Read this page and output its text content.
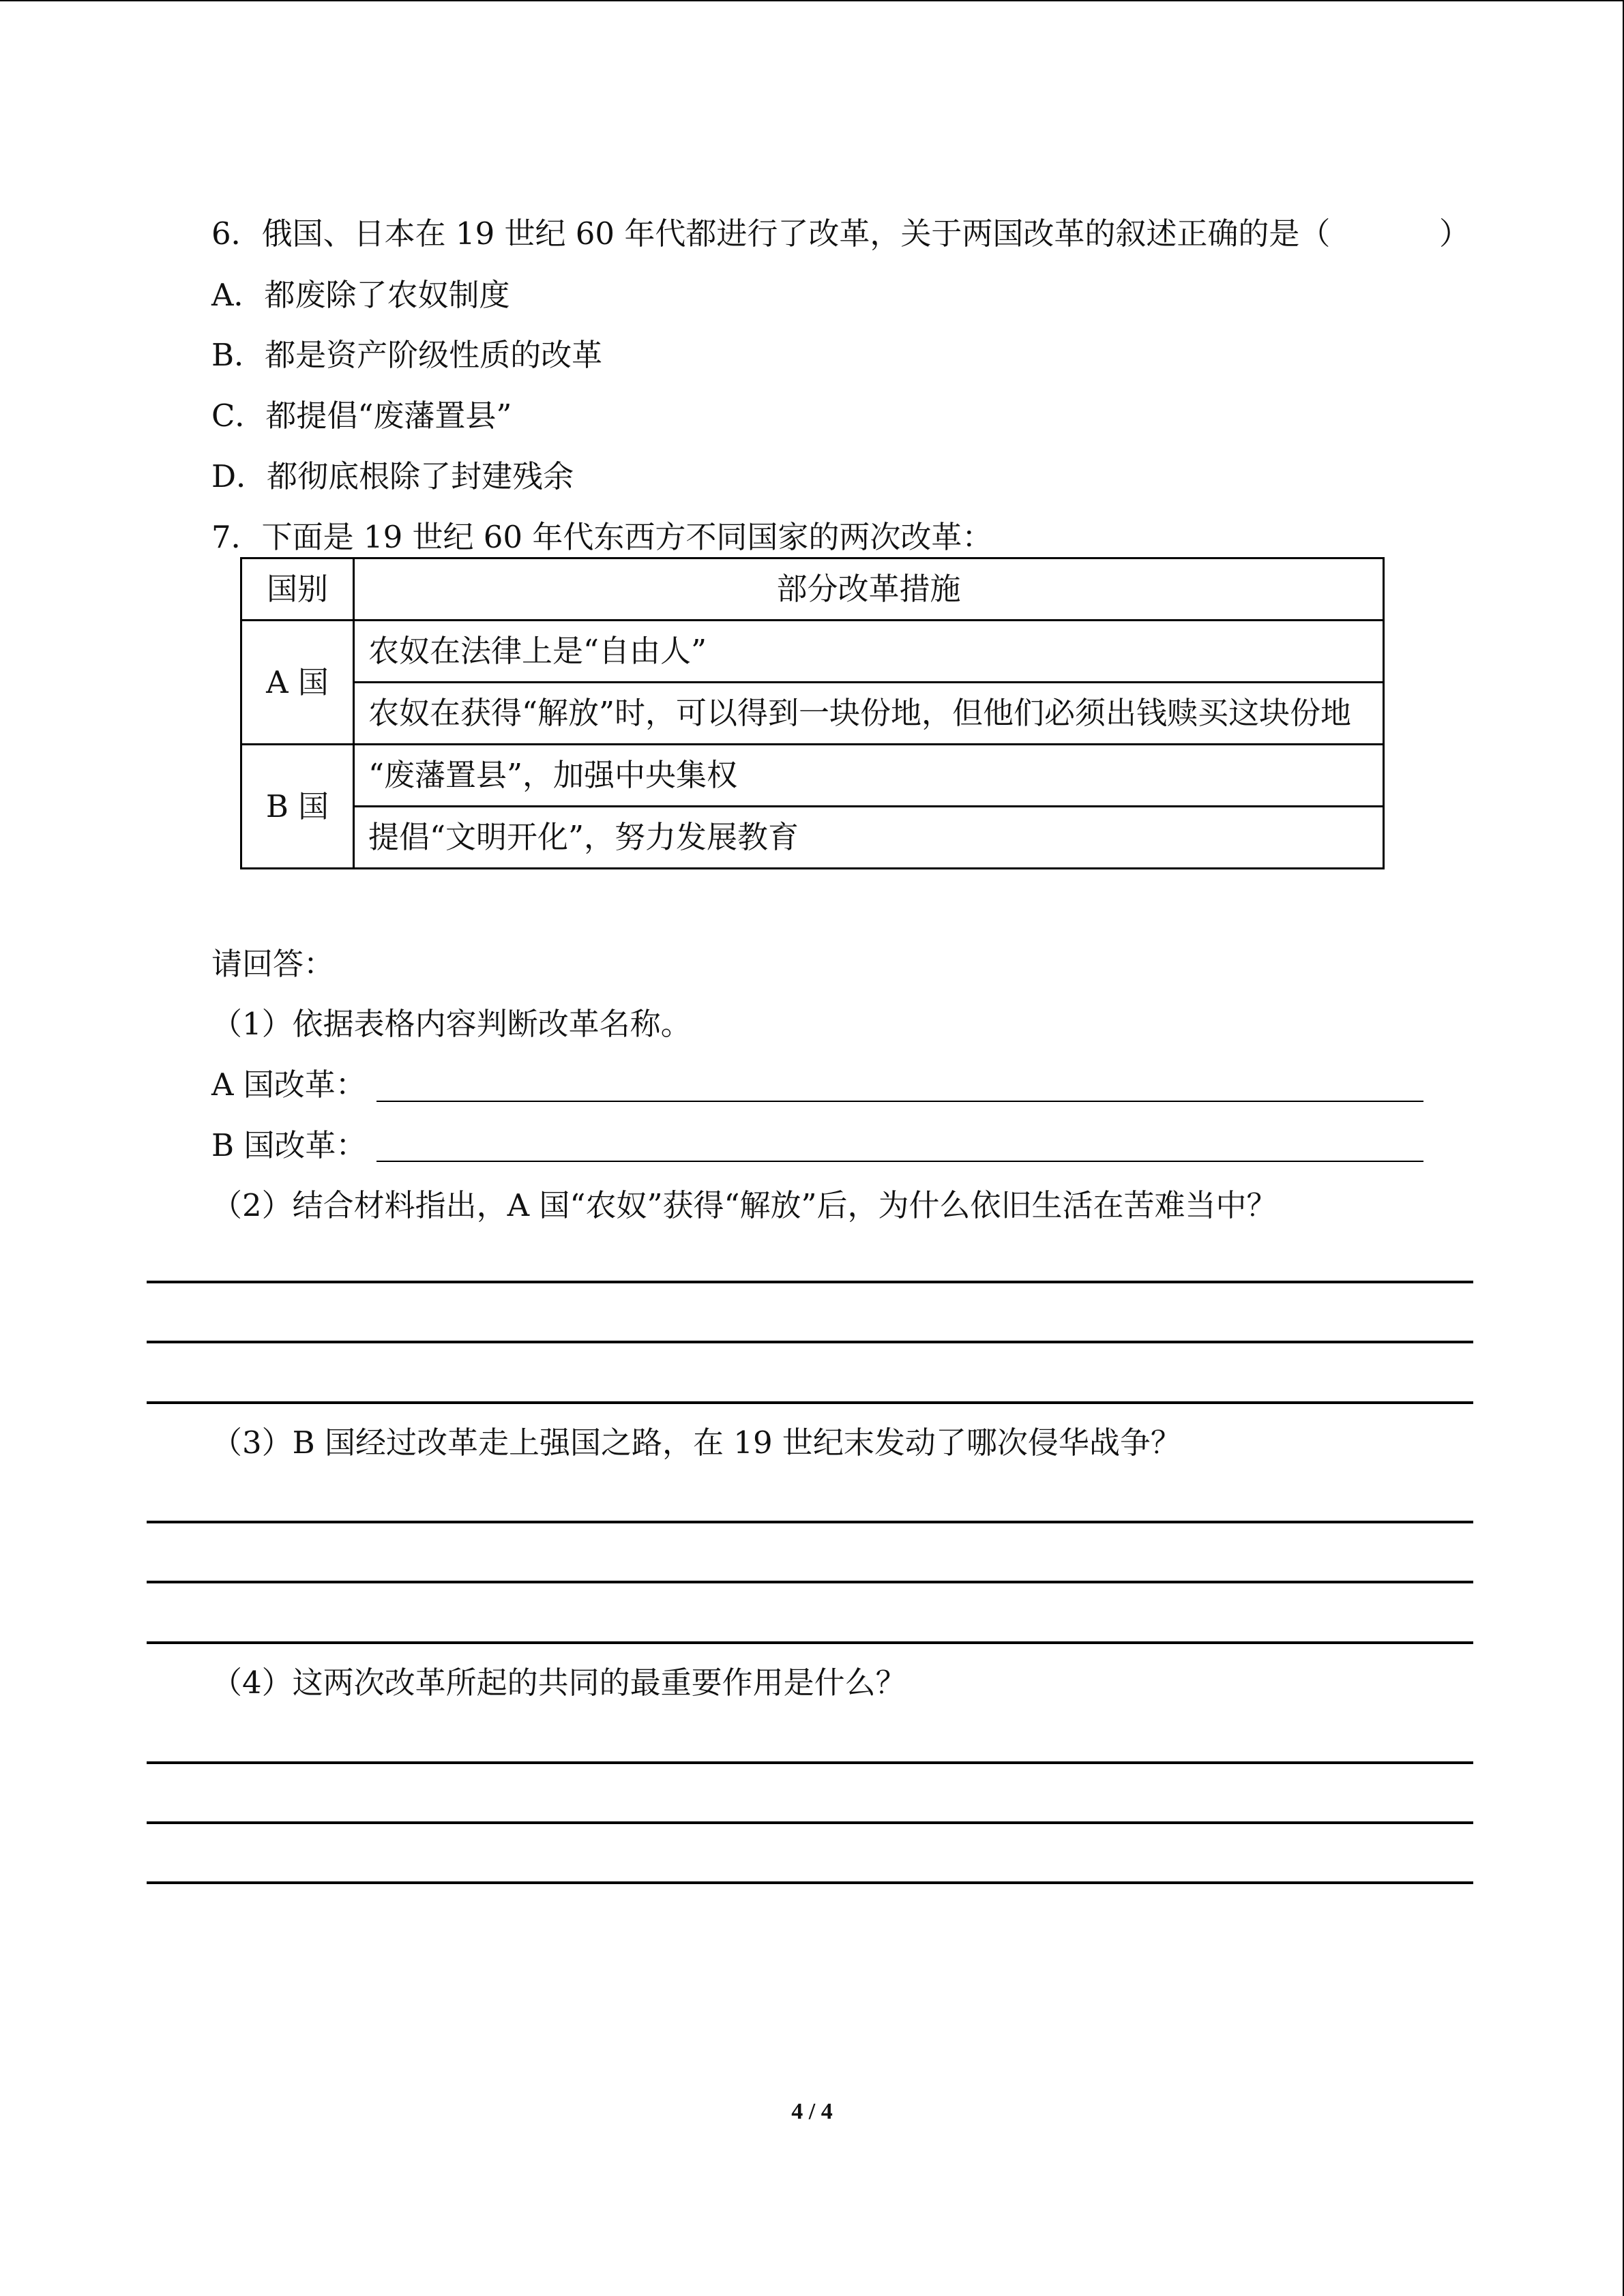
6．俄国、日本在 19 世纪 60 年代都进行了改革，关于两国改革的叙述正确的是（	）
A．都废除了农奴制度
B．都是资产阶级性质的改革
C．都提倡“废藩置县”
D．都彻底根除了封建残余
7．下面是 19 世纪 60 年代东西方不同国家的两次改革：
国别	部分改革措施
A 国	农奴在法律上是“自由人”
	农奴在获得“解放”时，可以得到一块份地，但他们必须出钱赎买这块份地
B 国	“废藩置县”，加强中央集权
	提倡“文明开化”，努力发展教育
请回答：
（1）依据表格内容判断改革名称。
A 国改革：
B 国改革：
（2）结合材料指出，A 国“农奴”获得“解放”后，为什么依旧生活在苦难当中？
（3）B 国经过改革走上强国之路，在 19 世纪末发动了哪次侵华战争？
（4）这两次改革所起的共同的最重要作用是什么？
4 / 4
